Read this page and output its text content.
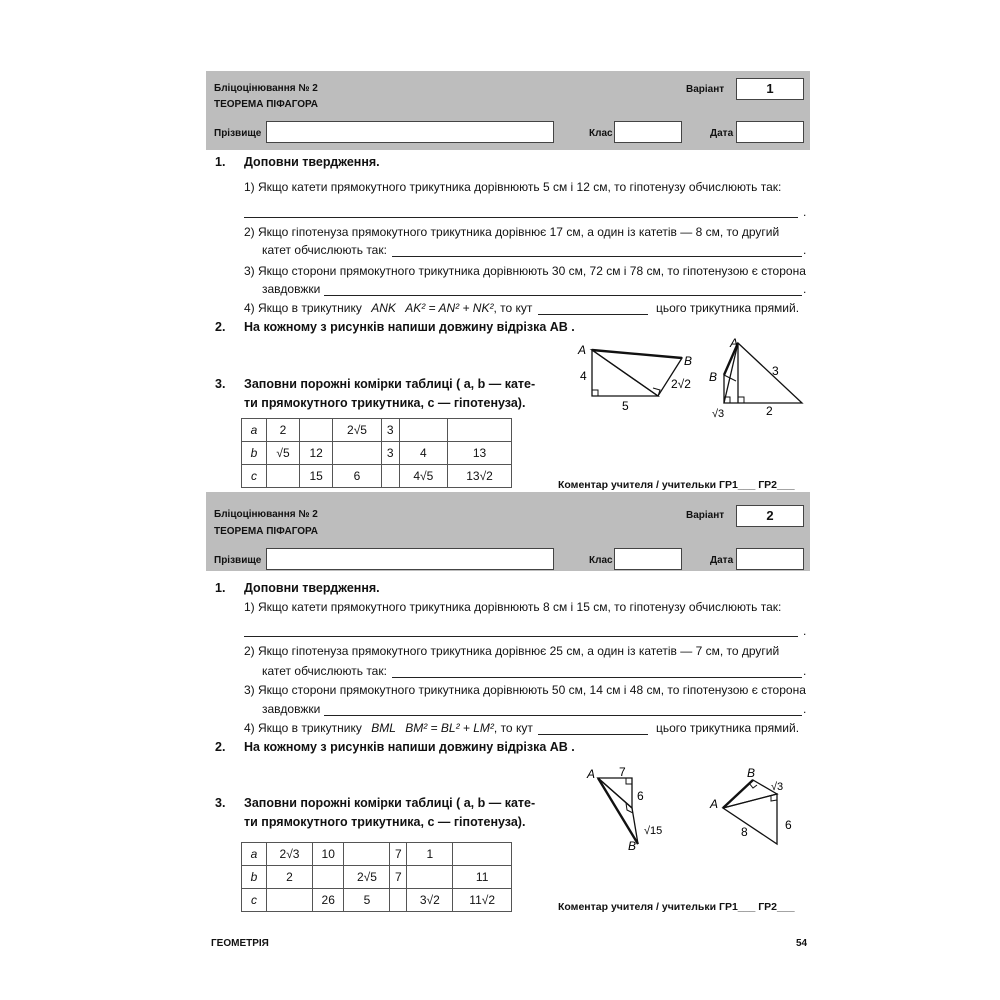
Бліцоцінювання № 2
ТЕОРЕМА ПІФАГОРА
Варіант	1
Прізвище	Клас	Дата
1. Доповни твердження.
1) Якщо катети прямокутного трикутника дорівнюють 5 см і 12 см, то гіпотенузу обчислюють так:
.
2) Якщо гіпотенуза прямокутного трикутника дорівнює 17 см, а один із катетів — 8 см, то другий
катет обчислюють так:	.
3) Якщо сторони прямокутного трикутника дорівнюють 30 см, 72 см і 78 см, то гіпотенузою є сторона
завдовжки	.
4) Якщо в трикутнику ANK AK² = AN² + NK², то кут	цього трикутника прямий.
2. На кожному з рисунків напиши довжину відрізка AB .
3. Заповни порожні комірки таблиці ( a, b — кате-
ти прямокутного трикутника, c — гіпотенуза).
a	2		2√5	3		
b	√5	12		3	4	13
c		15	6		4√5	13√2
A
B
4
5
2√2
A
B
√3
3
2
Коментар учителя / учительки ГР1___ ГР2___
Бліцоцінювання № 2
ТЕОРЕМА ПІФАГОРА
Варіант	2
Прізвище	Клас	Дата
1. Доповни твердження.
1) Якщо катети прямокутного трикутника дорівнюють 8 см і 15 см, то гіпотенузу обчислюють так:
.
2) Якщо гіпотенуза прямокутного трикутника дорівнює 25 см, а один із катетів — 7 см, то другий
катет обчислюють так:	.
3) Якщо сторони прямокутного трикутника дорівнюють 50 см, 14 см і 48 см, то гіпотенузою є сторона
завдовжки	.
4) Якщо в трикутнику BML BM² = BL² + LM², то кут	цього трикутника прямий.
2. На кожному з рисунків напиши довжину відрізка AB .
3. Заповни порожні комірки таблиці ( a, b — кате-
ти прямокутного трикутника, c — гіпотенуза).
a	2√3	10		7	1	
b	2		2√5	7		11
c		26	5		3√2	11√2
A
B
7
6
√15
A
B
√3
8	6
Коментар учителя / учительки ГР1___ ГР2___
ГЕОМЕТРІЯ	54
